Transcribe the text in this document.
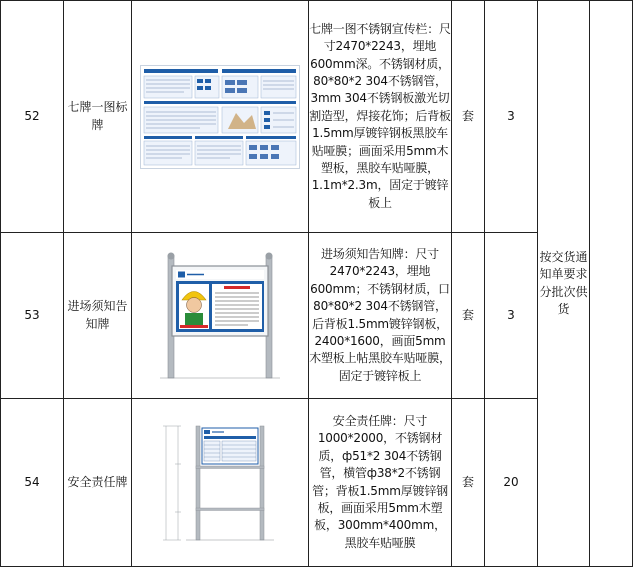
52	七牌一图标牌		七牌一图不锈钢宣传栏：尺寸2470*2243，埋地600mm深。不锈钢材质，80*80*2 304不锈钢管，3mm 304不锈钢板激光切割造型，焊接花饰；后背板1.5mm厚镀锌钢板黑胶车贴哑膜；画面采用5mm木塑板，黑胶车贴哑膜，1.1m*2.3m，固定于镀锌板上	套	3	按交货通知单要求分批次供货	
53	进场须知告知牌		进场须知告知牌：尺寸2470*2243，埋地600mm；不锈钢材质，口80*80*2 304不锈钢管，后背板1.5mm镀锌钢板，2400*1600，画面5mm木塑板上帖黑胶车贴哑膜，固定于镀锌板上	套	3		
54	安全责任牌		安全责任牌：尺寸1000*2000，不锈钢材质，ф51*2 304不锈钢管，横管ф38*2不锈钢管；背板1.5mm厚镀锌钢板，画面采用5mm木塑板，300mm*400mm，黑胶车贴哑膜	套	20		
